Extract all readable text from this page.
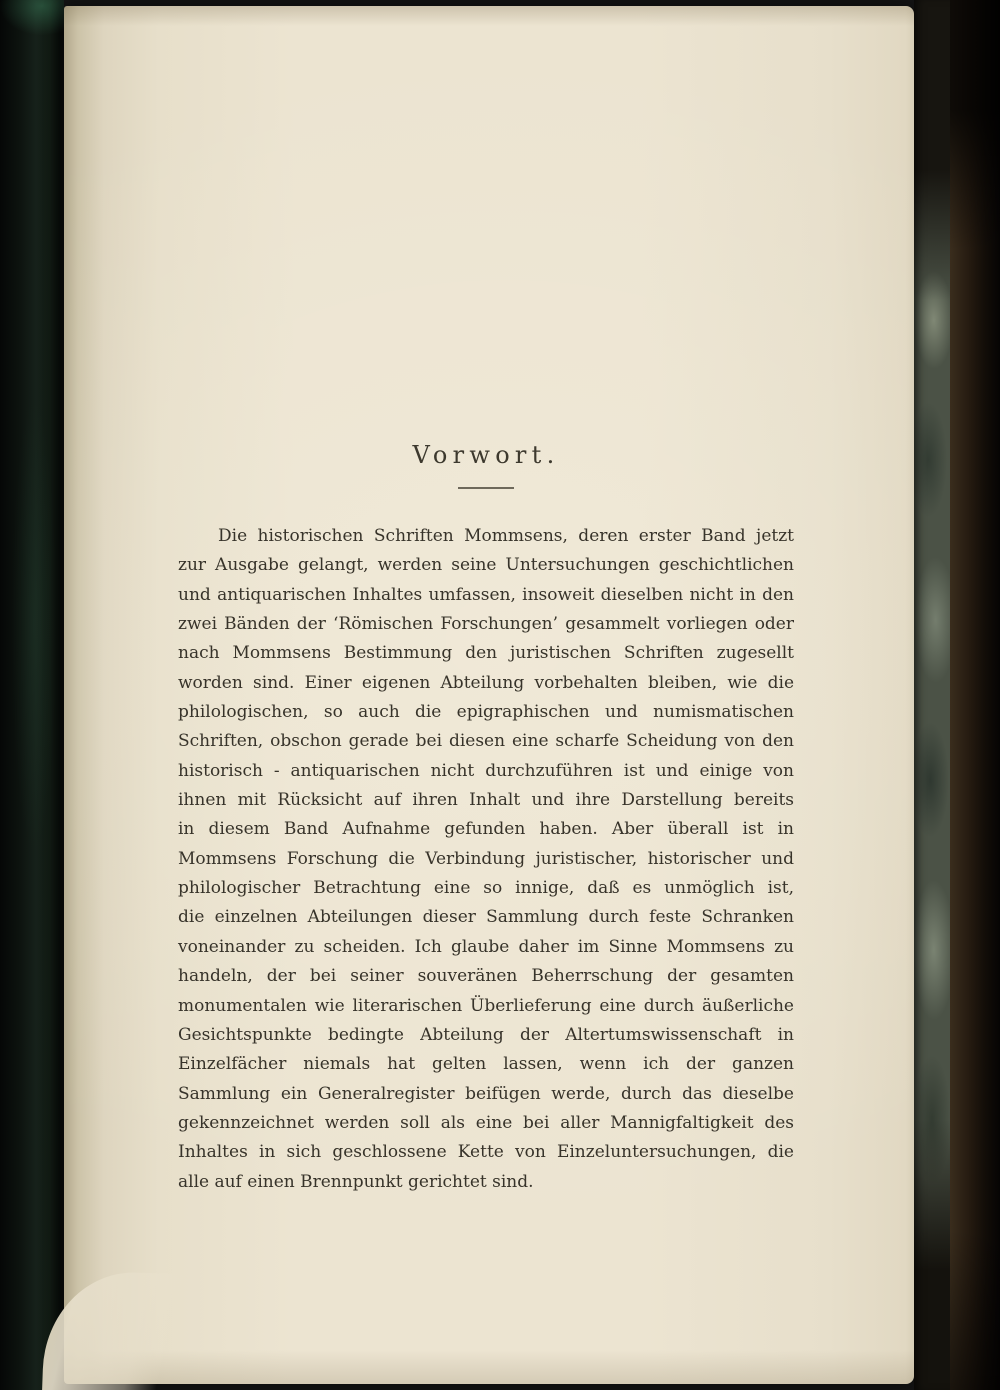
Vorwort.
Die historischen Schriften Mommsens, deren erster Band jetzt
zur Ausgabe gelangt, werden seine Untersuchungen geschichtlichen
und antiquarischen Inhaltes umfassen, insoweit dieselben nicht in den
zwei Bänden der ‘Römischen Forschungen’ gesammelt vorliegen oder
nach Mommsens Bestimmung den juristischen Schriften zugesellt
worden sind. Einer eigenen Abteilung vorbehalten bleiben, wie die
philologischen, so auch die epigraphischen und numismatischen
Schriften, obschon gerade bei diesen eine scharfe Scheidung von den
historisch - antiquarischen nicht durchzuführen ist und einige von
ihnen mit Rücksicht auf ihren Inhalt und ihre Darstellung bereits
in diesem Band Aufnahme gefunden haben. Aber überall ist in
Mommsens Forschung die Verbindung juristischer, historischer und
philologischer Betrachtung eine so innige, daß es unmöglich ist,
die einzelnen Abteilungen dieser Sammlung durch feste Schranken
voneinander zu scheiden. Ich glaube daher im Sinne Mommsens zu
handeln, der bei seiner souveränen Beherrschung der gesamten
monumentalen wie literarischen Überlieferung eine durch äußerliche
Gesichtspunkte bedingte Abteilung der Altertumswissenschaft in
Einzelfächer niemals hat gelten lassen, wenn ich der ganzen
Sammlung ein Generalregister beifügen werde, durch das dieselbe
gekennzeichnet werden soll als eine bei aller Mannigfaltigkeit des
Inhaltes in sich geschlossene Kette von Einzeluntersuchungen, die
alle auf einen Brennpunkt gerichtet sind.
